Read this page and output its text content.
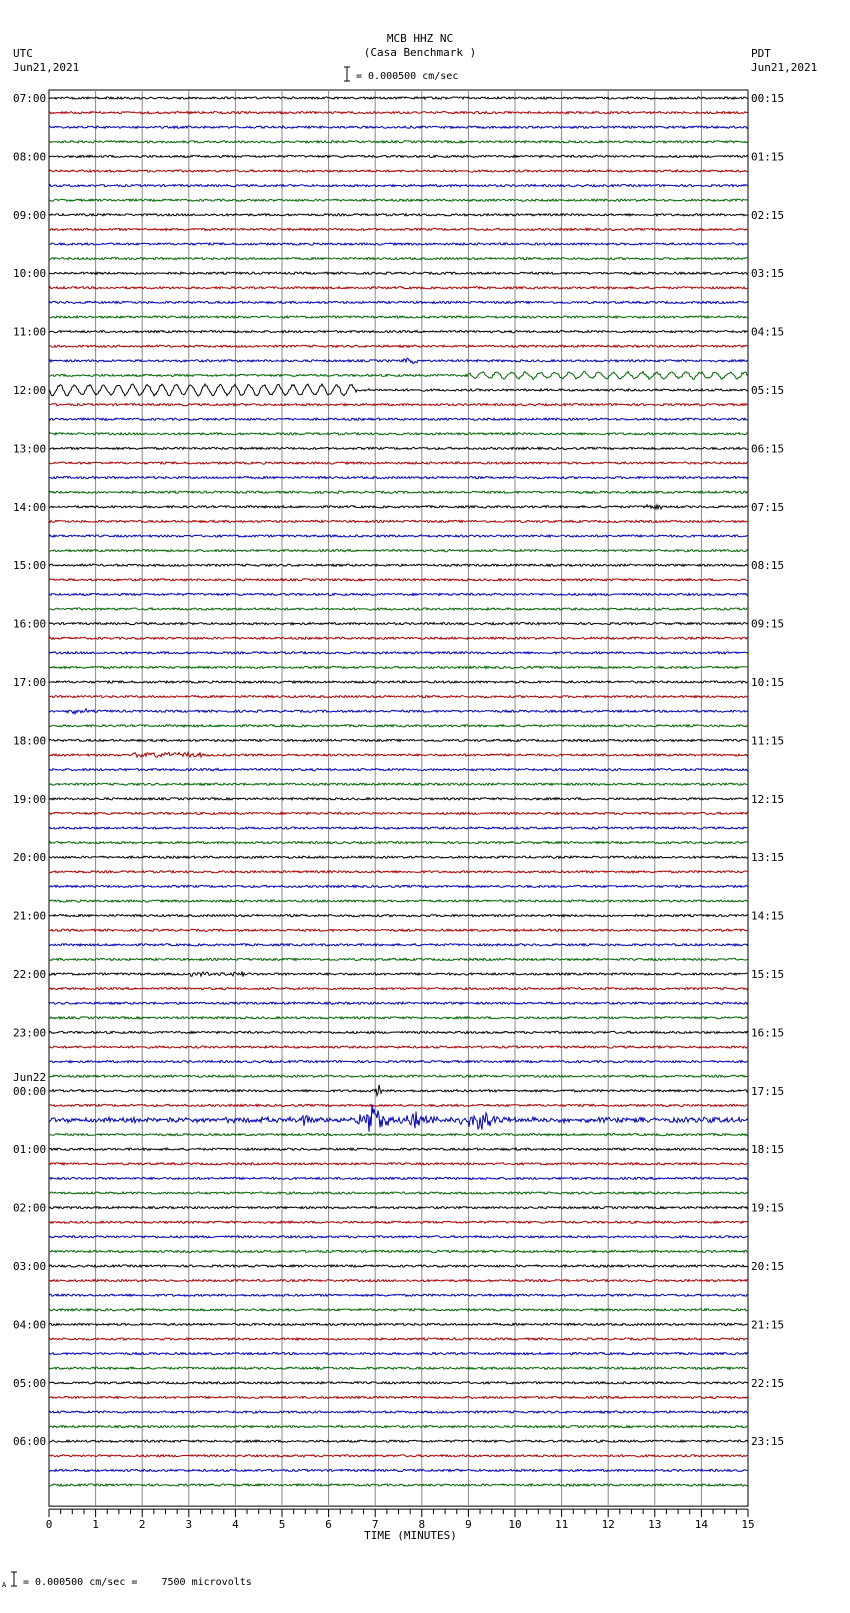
MCB HHZ NC
(Casa Benchmark )
UTC
Jun21,2021
PDT
Jun21,2021
= 0.000500 cm/sec
07:00
08:00
09:00
10:00
11:00
12:00
13:00
14:00
15:00
16:00
17:00
18:00
19:00
20:00
21:00
22:00
23:00
00:00
01:00
02:00
03:00
04:00
05:00
06:00
Jun22
00:15
01:15
02:15
03:15
04:15
05:15
06:15
07:15
08:15
09:15
10:15
11:15
12:15
13:15
14:15
15:15
16:15
17:15
18:15
19:15
20:15
21:15
22:15
23:15
0	1	2	3	4	5	6	7	8	9	10	11	12	13	14	15
TIME (MINUTES)
A = 0.000500 cm/sec =    7500 microvolts
